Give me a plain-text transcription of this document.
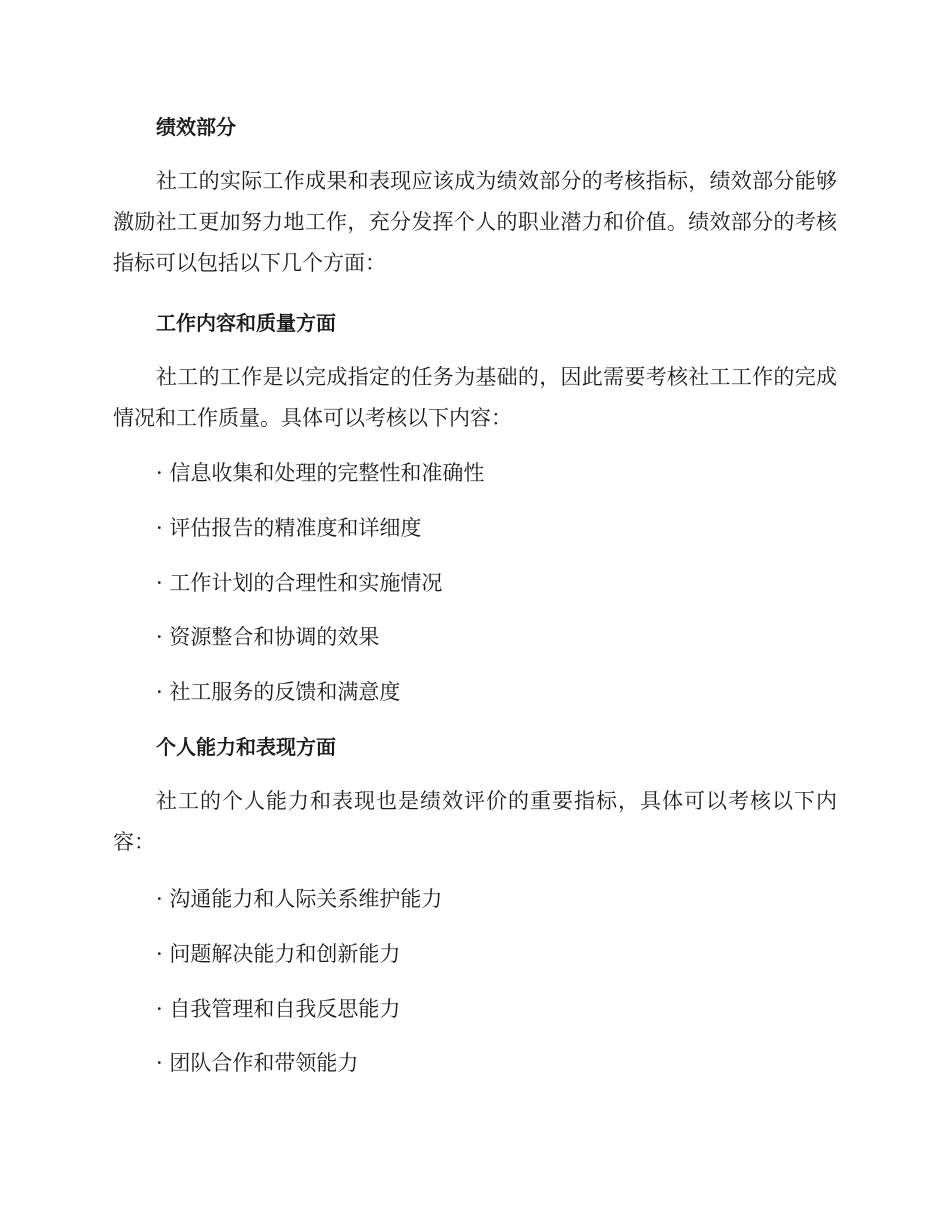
绩效部分
社工的实际工作成果和表现应该成为绩效部分的考核指标，绩效部分能够激励社工更加努力地工作，充分发挥个人的职业潜力和价值。绩效部分的考核指标可以包括以下几个方面：
工作内容和质量方面
社工的工作是以完成指定的任务为基础的，因此需要考核社工工作的完成情况和工作质量。具体可以考核以下内容：
· 信息收集和处理的完整性和准确性
· 评估报告的精准度和详细度
· 工作计划的合理性和实施情况
· 资源整合和协调的效果
· 社工服务的反馈和满意度
个人能力和表现方面
社工的个人能力和表现也是绩效评价的重要指标，具体可以考核以下内容：
· 沟通能力和人际关系维护能力
· 问题解决能力和创新能力
· 自我管理和自我反思能力
· 团队合作和带领能力
